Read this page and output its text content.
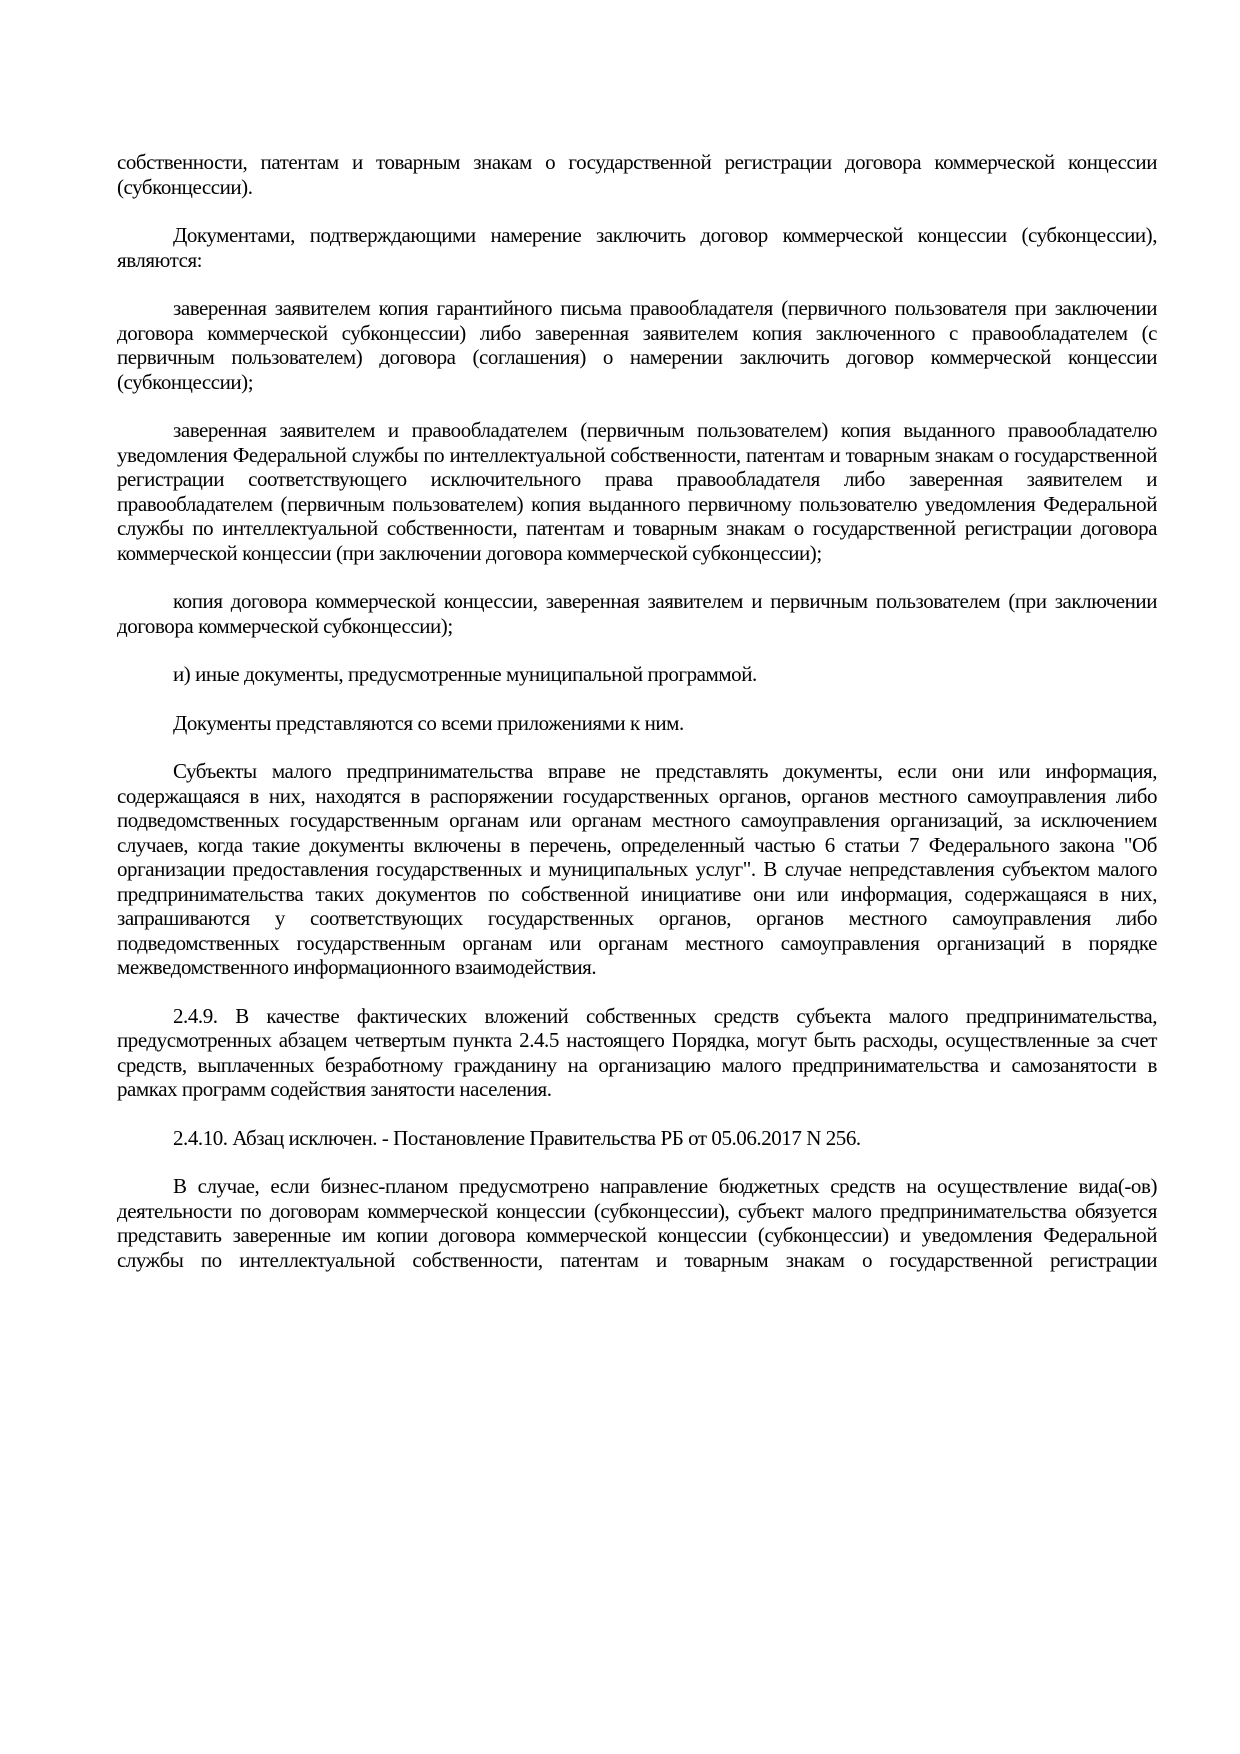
собственности, патентам и товарным знакам о государственной регистрации договора коммерческой концессии (субконцессии).

Документами, подтверждающими намерение заключить договор коммерческой концессии (субконцессии), являются:

заверенная заявителем копия гарантийного письма правообладателя (первичного пользователя при заключении договора коммерческой субконцессии) либо заверенная заявителем копия заключенного с правообладателем (с первичным пользователем) договора (соглашения) о намерении заключить договор коммерческой концессии (субконцессии);

заверенная заявителем и правообладателем (первичным пользователем) копия выданного правообладателю уведомления Федеральной службы по интеллектуальной собственности, патентам и товарным знакам о государственной регистрации соответствующего исключительного права правообладателя либо заверенная заявителем и правообладателем (первичным пользователем) копия выданного первичному пользователю уведомления Федеральной службы по интеллектуальной собственности, патентам и товарным знакам о государственной регистрации договора коммерческой концессии (при заключении договора коммерческой субконцессии);

копия договора коммерческой концессии, заверенная заявителем и первичным пользователем (при заключении договора коммерческой субконцессии);

и) иные документы, предусмотренные муниципальной программой.

Документы представляются со всеми приложениями к ним.

Субъекты малого предпринимательства вправе не представлять документы, если они или информация, содержащаяся в них, находятся в распоряжении государственных органов, органов местного самоуправления либо подведомственных государственным органам или органам местного самоуправления организаций, за исключением случаев, когда такие документы включены в перечень, определенный частью 6 статьи 7 Федерального закона "Об организации предоставления государственных и муниципальных услуг". В случае непредставления субъектом малого предпринимательства таких документов по собственной инициативе они или информация, содержащаяся в них, запрашиваются у соответствующих государственных органов, органов местного самоуправления либо подведомственных государственным органам или органам местного самоуправления организаций в порядке межведомственного информационного взаимодействия.

2.4.9. В качестве фактических вложений собственных средств субъекта малого предпринимательства, предусмотренных абзацем четвертым пункта 2.4.5 настоящего Порядка, могут быть расходы, осуществленные за счет средств, выплаченных безработному гражданину на организацию малого предпринимательства и самозанятости в рамках программ содействия занятости населения.

2.4.10. Абзац исключен. - Постановление Правительства РБ от 05.06.2017 N 256.

В случае, если бизнес-планом предусмотрено направление бюджетных средств на осуществление вида(-ов) деятельности по договорам коммерческой концессии (субконцессии), субъект малого предпринимательства обязуется представить заверенные им копии договора коммерческой концессии (субконцессии) и уведомления Федеральной службы по интеллектуальной собственности, патентам и товарным знакам о государственной регистрации
